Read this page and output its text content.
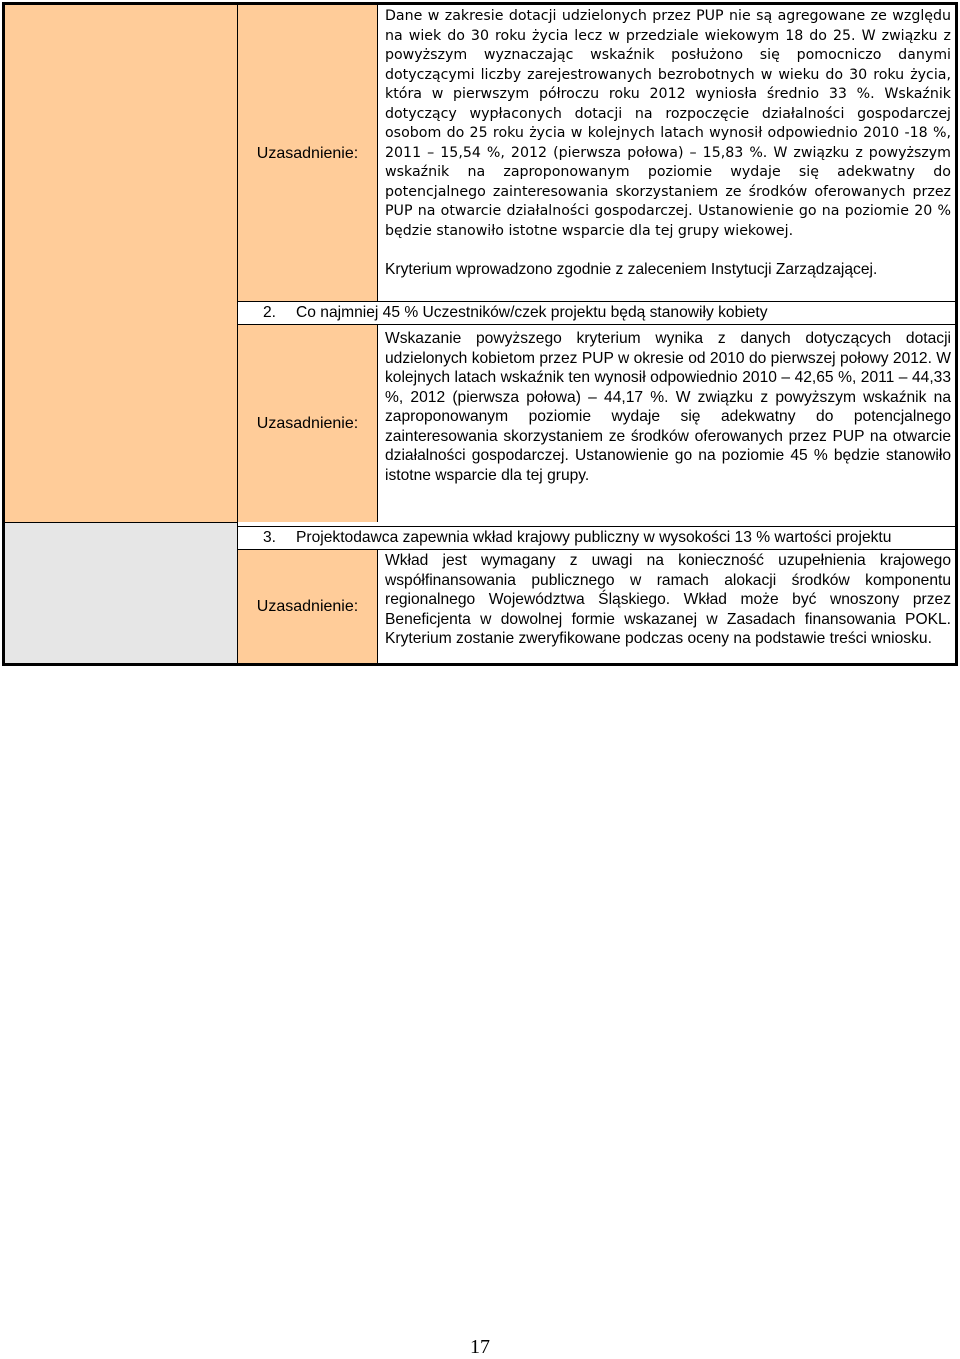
Uzasadnienie:

Dane w zakresie dotacji udzielonych przez PUP nie są agregowane ze względu na wiek do 30 roku życia lecz w przedziale wiekowym 18 do 25. W związku z powyższym wyznaczając wskaźnik posłużono się pomocniczo danymi dotyczącymi liczby zarejestrowanych bezrobotnych w wieku do 30 roku życia, która w pierwszym półroczu roku 2012 wyniosła średnio 33 %. Wskaźnik dotyczący wypłaconych dotacji na rozpoczęcie działalności gospodarczej osobom do 25 roku życia w kolejnych latach wynosił odpowiednio 2010 -18 %, 2011 – 15,54 %, 2012 (pierwsza połowa) – 15,83 %. W związku z powyższym wskaźnik na zaproponowanym poziomie wydaje się adekwatny do potencjalnego zainteresowania skorzystaniem ze środków oferowanych przez PUP na otwarcie działalności gospodarczej. Ustanowienie go na poziomie 20 % będzie stanowiło istotne wsparcie dla tej grupy wiekowej.

Kryterium wprowadzono zgodnie z zaleceniem Instytucji Zarządzającej.

2. Co najmniej 45 % Uczestników/czek projektu będą stanowiły kobiety
Uzasadnienie:

Wskazanie powyższego kryterium wynika z danych dotyczących dotacji udzielonych kobietom przez PUP w okresie od 2010 do pierwszej połowy 2012. W kolejnych latach wskaźnik ten wynosił odpowiednio 2010 – 42,65 %, 2011 – 44,33 %, 2012 (pierwsza połowa) – 44,17 %. W związku z powyższym wskaźnik na zaproponowanym poziomie wydaje się adekwatny do potencjalnego zainteresowania skorzystaniem ze środków oferowanych przez PUP na otwarcie działalności gospodarczej. Ustanowienie go na poziomie 45 % będzie stanowiło istotne wsparcie dla tej grupy.

3. Projektodawca zapewnia wkład krajowy publiczny w wysokości 13 % wartości projektu
Uzasadnienie:

Wkład jest wymagany z uwagi na konieczność uzupełnienia krajowego współfinansowania publicznego w ramach alokacji środków komponentu regionalnego Województwa Śląskiego. Wkład może być wnoszony przez Beneficjenta w dowolnej formie wskazanej w Zasadach finansowania POKL. Kryterium zostanie zweryfikowane podczas oceny na podstawie treści wniosku.

17
